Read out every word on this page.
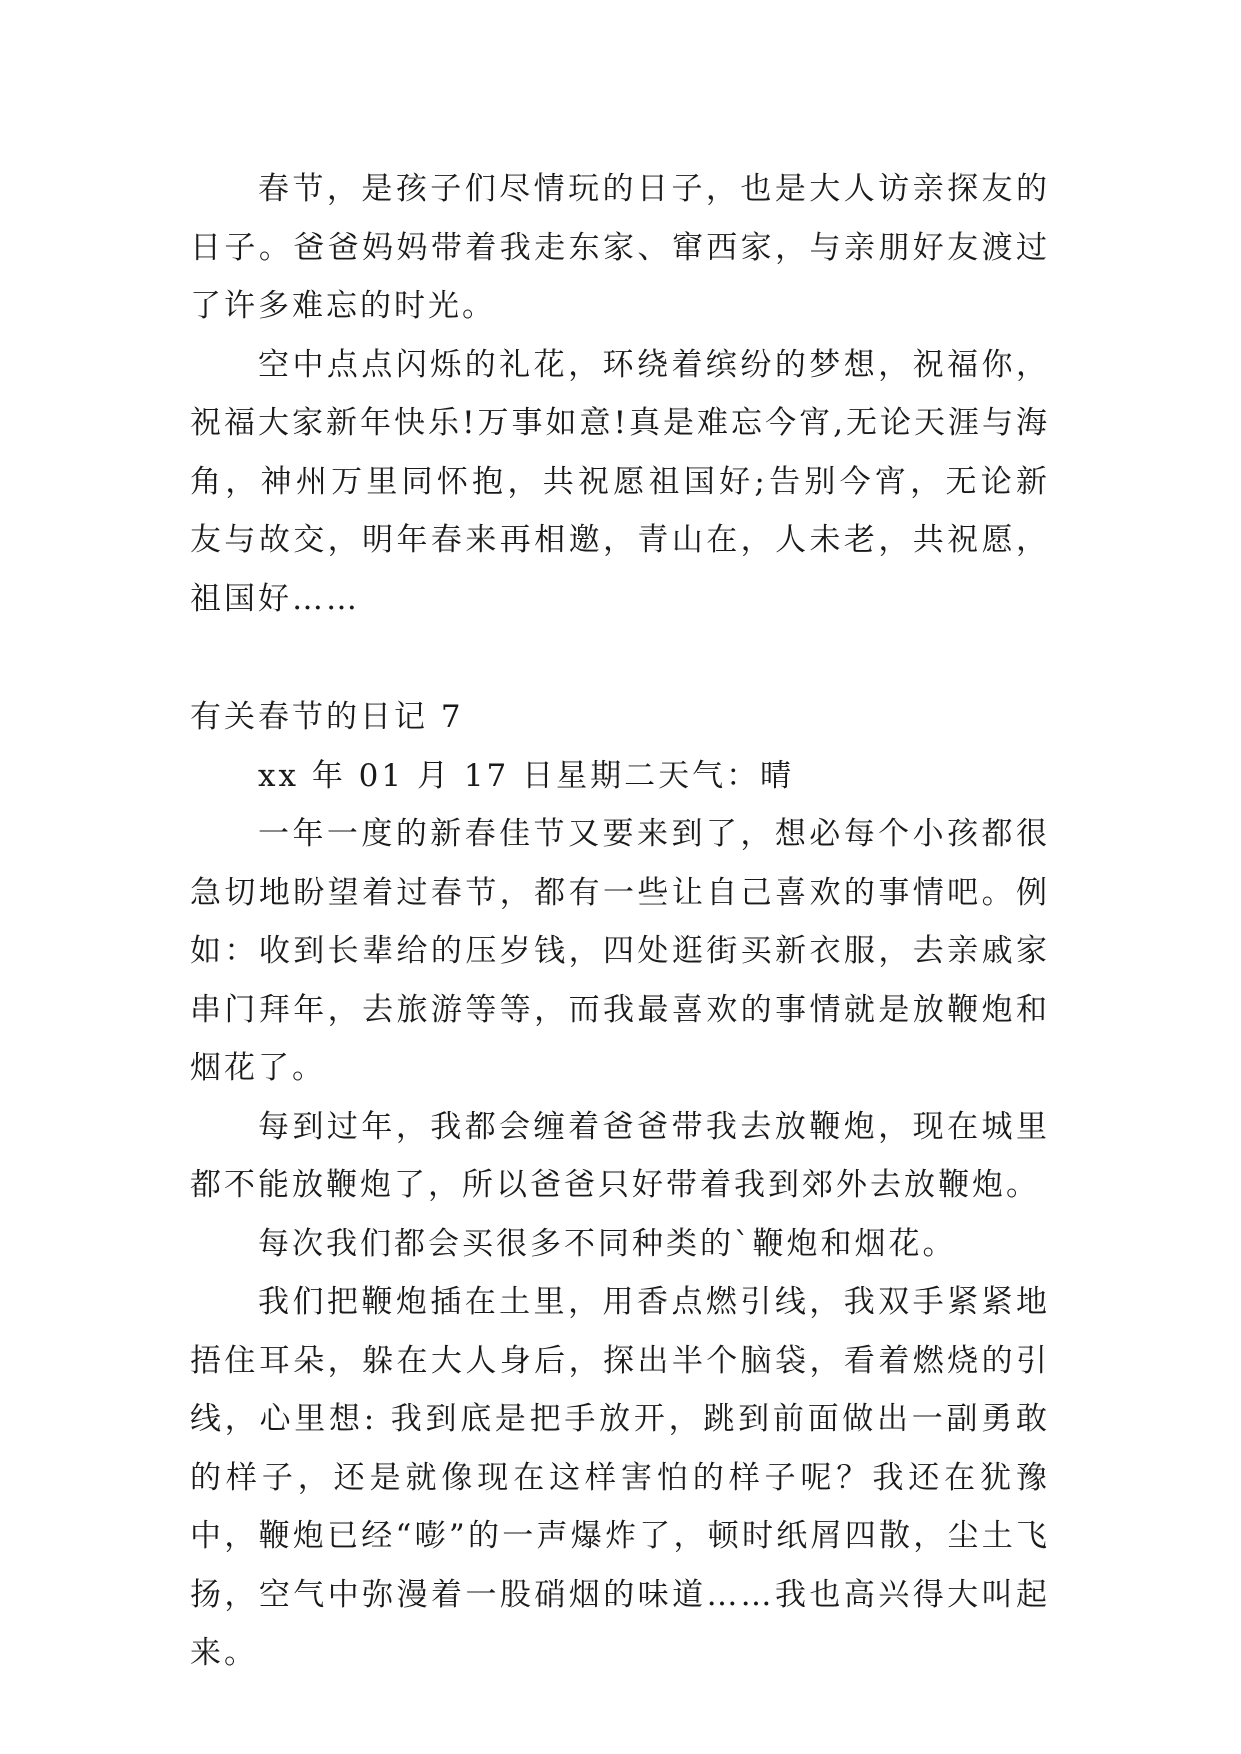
春节，是孩子们尽情玩的日子，也是大人访亲探友的日子。爸爸妈妈带着我走东家、窜西家，与亲朋好友渡过了许多难忘的时光。

空中点点闪烁的礼花，环绕着缤纷的梦想，祝福你，祝福大家新年快乐!万事如意!真是难忘今宵,无论天涯与海角，神州万里同怀抱，共祝愿祖国好;告别今宵，无论新友与故交，明年春来再相邀，青山在，人未老，共祝愿，祖国好……

有关春节的日记 7

xx 年 01 月 17 日星期二天气：晴

一年一度的新春佳节又要来到了，想必每个小孩都很急切地盼望着过春节，都有一些让自己喜欢的事情吧。例如：收到长辈给的压岁钱，四处逛街买新衣服，去亲戚家串门拜年，去旅游等等，而我最喜欢的事情就是放鞭炮和烟花了。

每到过年，我都会缠着爸爸带我去放鞭炮，现在城里都不能放鞭炮了，所以爸爸只好带着我到郊外去放鞭炮。

每次我们都会买很多不同种类的`鞭炮和烟花。

我们把鞭炮插在土里，用香点燃引线，我双手紧紧地捂住耳朵，躲在大人身后，探出半个脑袋，看着燃烧的引线，心里想: 我到底是把手放开，跳到前面做出一副勇敢的样子，还是就像现在这样害怕的样子呢？我还在犹豫中，鞭炮已经“嘭”的一声爆炸了，顿时纸屑四散，尘土飞扬，空气中弥漫着一股硝烟的味道……我也高兴得大叫起来。
